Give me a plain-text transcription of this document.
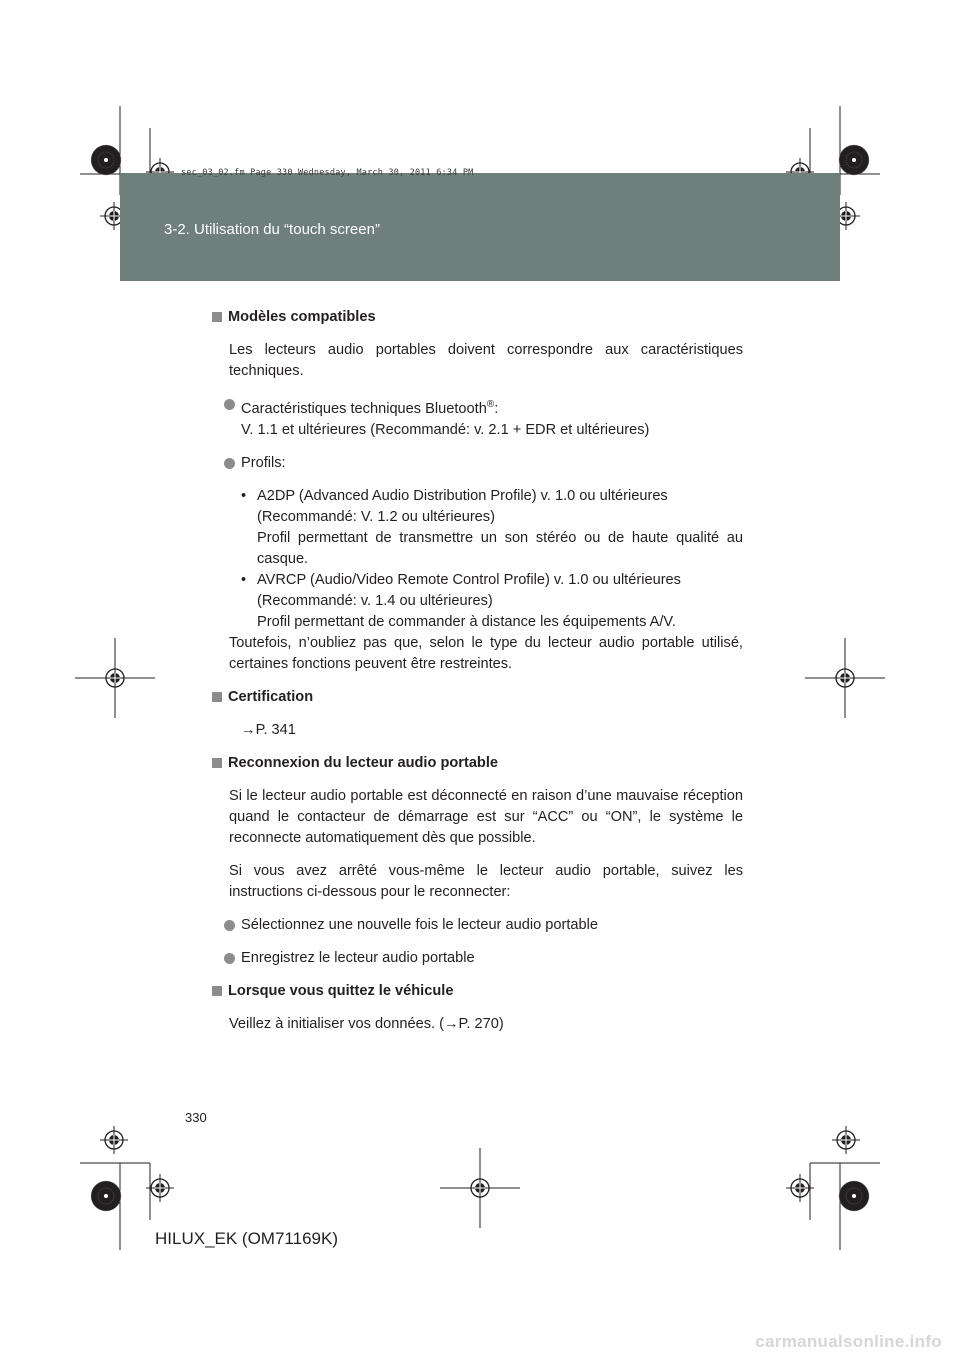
3-2. Utilisation du “touch screen”
sec_03_02.fm Page 330 Wednesday, March 30, 2011 6:34 PM

Modèles compatibles

Les lecteurs audio portables doivent correspondre aux caractéristiques techniques.

Caractéristiques techniques Bluetooth®:
V. 1.1 et ultérieures (Recommandé: v. 2.1 + EDR et ultérieures)

Profils:

• A2DP (Advanced Audio Distribution Profile) v. 1.0 ou ultérieures
(Recommandé: V. 1.2 ou ultérieures)

Profil permettant de transmettre un son stéréo ou de haute qualité au casque.

• AVRCP (Audio/Video Remote Control Profile) v. 1.0 ou ultérieures
(Recommandé: v. 1.4 ou ultérieures)
Profil permettant de commander à distance les équipements A/V.

Toutefois, n’oubliez pas que, selon le type du lecteur audio portable utilisé, certaines fonctions peuvent être restreintes.

Certification

→P. 341

Reconnexion du lecteur audio portable

Si le lecteur audio portable est déconnecté en raison d’une mauvaise réception quand le contacteur de démarrage est sur “ACC” ou “ON”, le système le reconnecte automatiquement dès que possible.

Si vous avez arrêté vous-même le lecteur audio portable, suivez les instructions ci-dessous pour le reconnecter:

Sélectionnez une nouvelle fois le lecteur audio portable

Enregistrez le lecteur audio portable

Lorsque vous quittez le véhicule

Veillez à initialiser vos données. (→P. 270)

330
HILUX_EK (OM71169K)
carmanualsonline.info
